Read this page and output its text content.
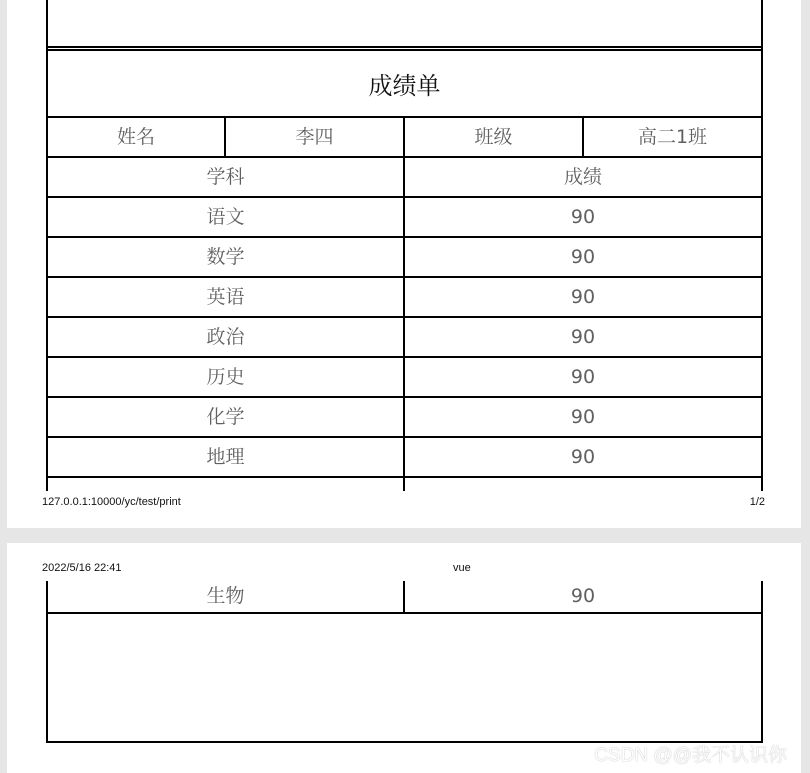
成绩单
姓名	李四	班级	高二1班
学科	成绩
语文	90
数学	90
英语	90
政治	90
历史	90
化学	90
地理	90
127.0.0.1:10000/yc/test/print	1/2
2022/5/16 22:41	vue
生物	90
CSDN @@我不认识你
